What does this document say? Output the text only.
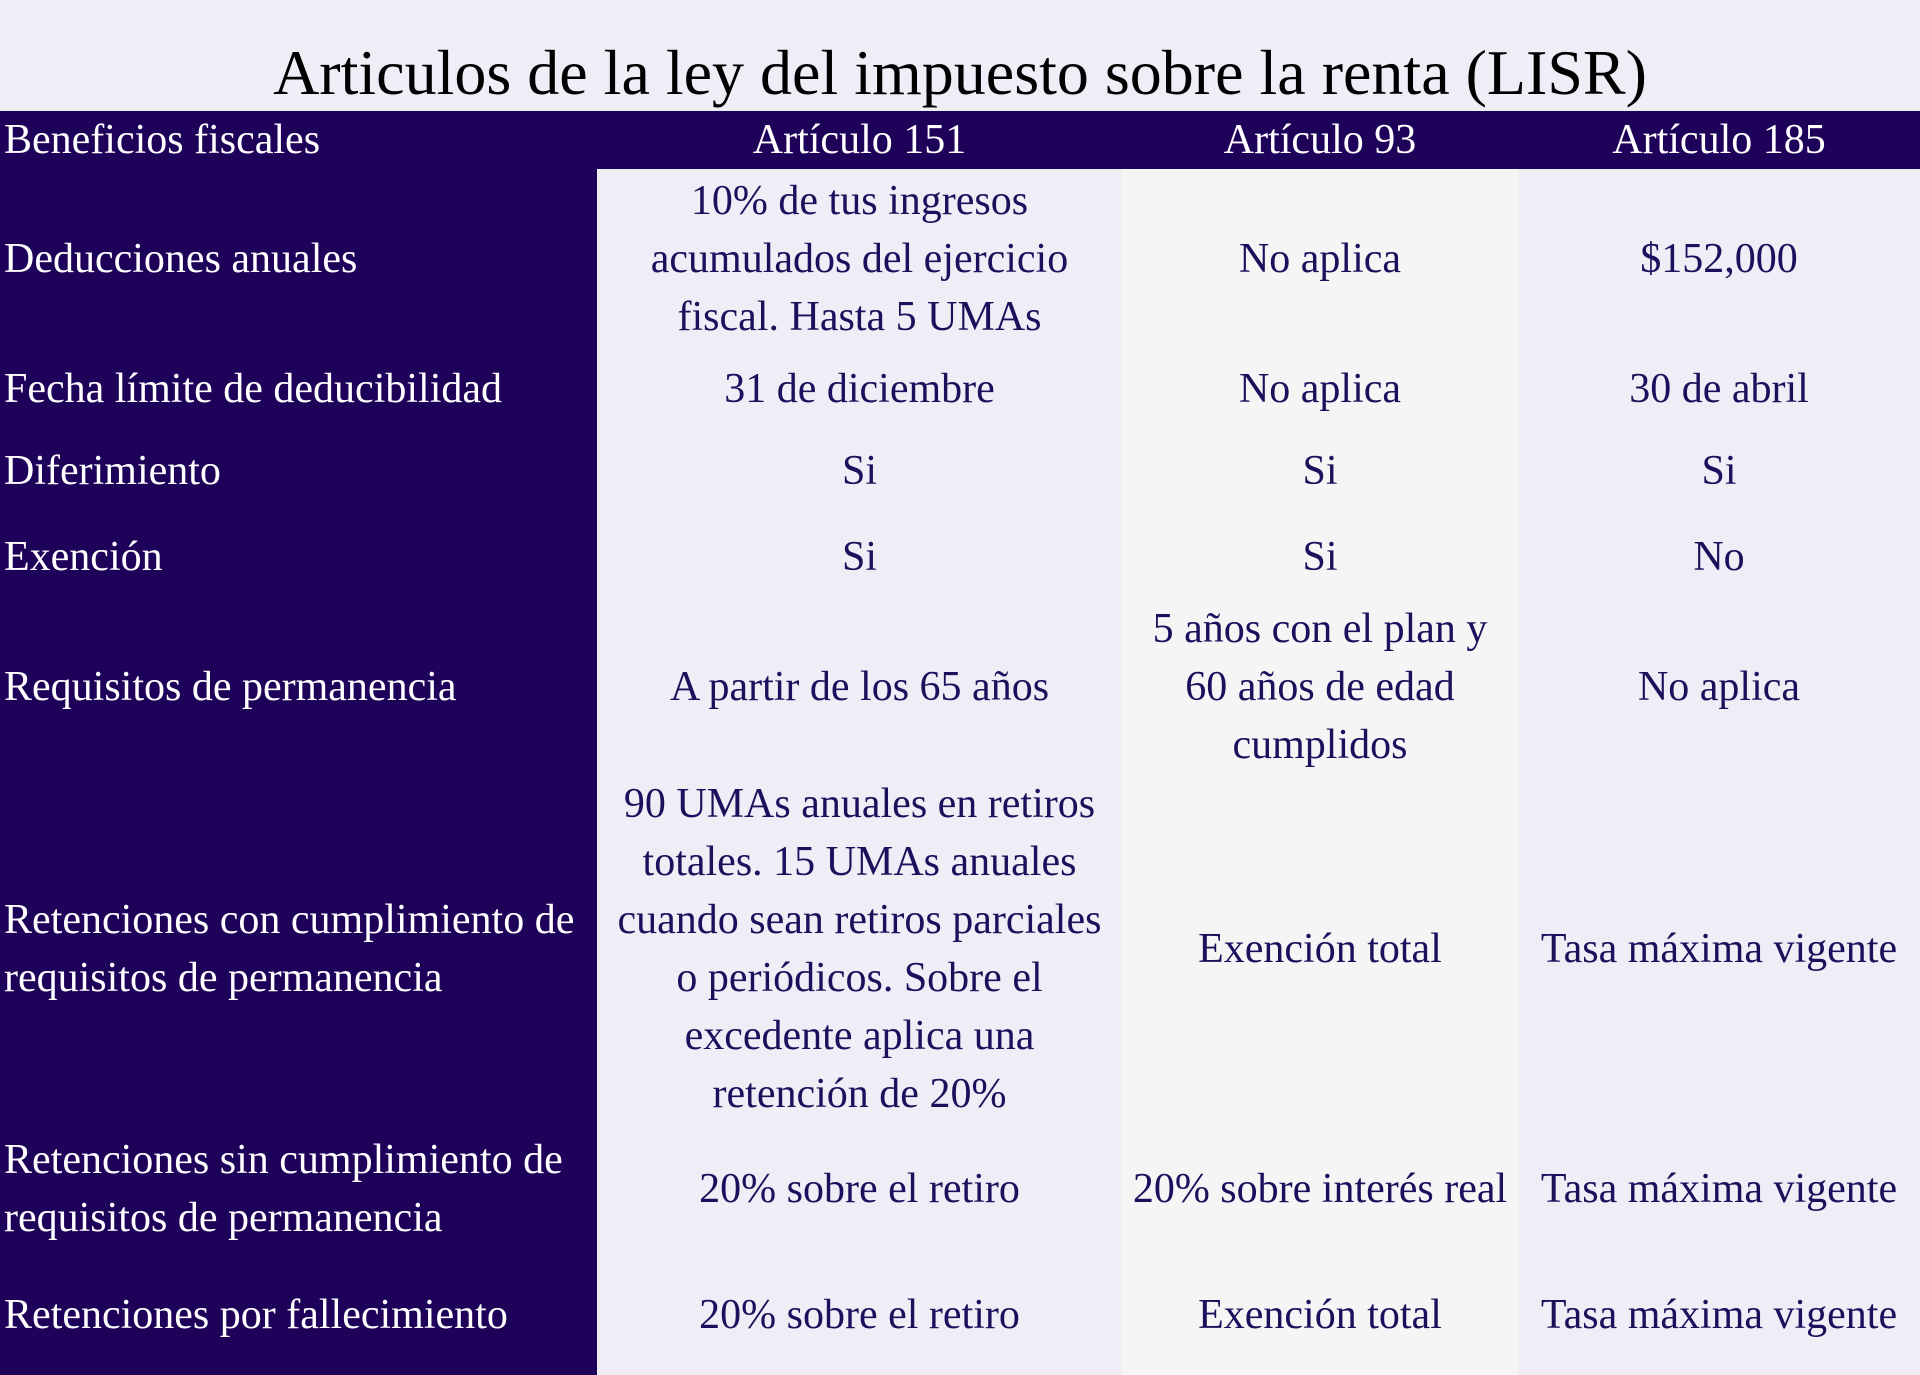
Articulos de la ley del impuesto sobre la renta (LISR)
Beneficios fiscales	Artículo 151	Artículo 93	Artículo 185
Deducciones anuales	10% de tus ingresos acumulados del ejercicio fiscal. Hasta 5 UMAs	No aplica	$152,000
Fecha límite de deducibilidad	31 de diciembre	No aplica	30 de abril
Diferimiento	Si	Si	Si
Exención	Si	Si	No
Requisitos de permanencia	A partir de los 65 años	5 años con el plan y 60 años de edad cumplidos	No aplica
Retenciones con cumplimiento de requisitos de permanencia	90 UMAs anuales en retiros totales. 15 UMAs anuales cuando sean retiros parciales o periódicos. Sobre el excedente aplica una retención de 20%	Exención total	Tasa máxima vigente
Retenciones sin cumplimiento de requisitos de permanencia	20% sobre el retiro	20% sobre interés real	Tasa máxima vigente
Retenciones por fallecimiento	20% sobre el retiro	Exención total	Tasa máxima vigente
